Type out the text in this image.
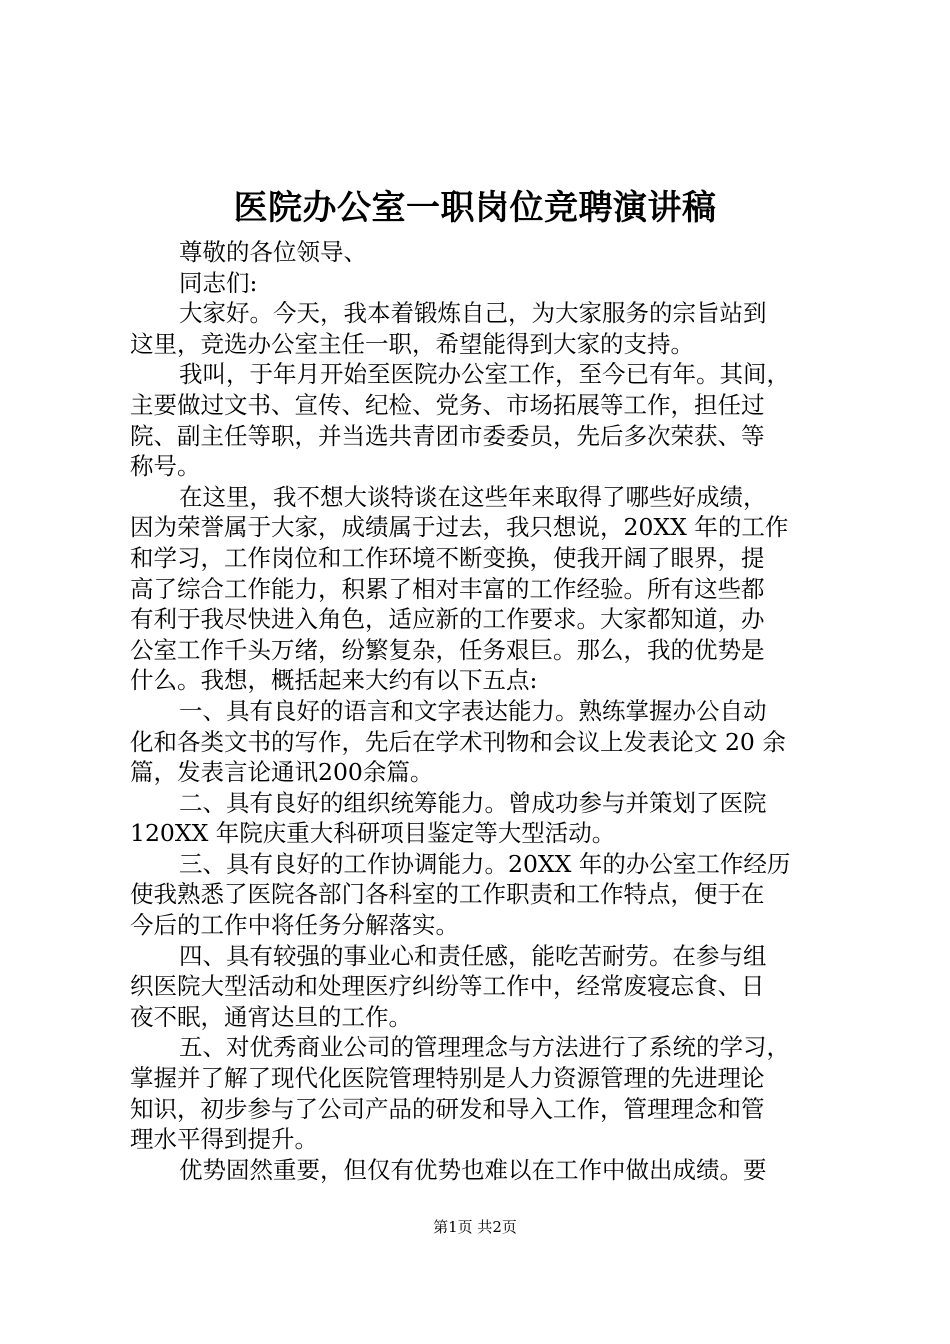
医院办公室一职岗位竞聘演讲稿
尊敬的各位领导、
同志们:
大家好。今天，我本着锻炼自己，为大家服务的宗旨站到
这里，竞选办公室主任一职，希望能得到大家的支持。
我叫，于年月开始至医院办公室工作，至今已有年。其间，
主要做过文书、宣传、纪检、党务、市场拓展等工作，担任过
院、副主任等职，并当选共青团市委委员，先后多次荣获、等
称号。
在这里，我不想大谈特谈在这些年来取得了哪些好成绩，
因为荣誉属于大家，成绩属于过去，我只想说，20XX 年的工作
和学习，工作岗位和工作环境不断变换，使我开阔了眼界，提
高了综合工作能力，积累了相对丰富的工作经验。所有这些都
有利于我尽快进入角色，适应新的工作要求。大家都知道，办
公室工作千头万绪，纷繁复杂，任务艰巨。那么，我的优势是
什么。我想，概括起来大约有以下五点:
一、具有良好的语言和文字表达能力。熟练掌握办公自动
化和各类文书的写作，先后在学术刊物和会议上发表论文 20 余
篇，发表言论通讯200余篇。
二、具有良好的组织统筹能力。曾成功参与并策划了医院
120XX 年院庆重大科研项目鉴定等大型活动。
三、具有良好的工作协调能力。20XX 年的办公室工作经历
使我熟悉了医院各部门各科室的工作职责和工作特点，便于在
今后的工作中将任务分解落实。
四、具有较强的事业心和责任感，能吃苦耐劳。在参与组
织医院大型活动和处理医疗纠纷等工作中，经常废寝忘食、日
夜不眠，通宵达旦的工作。
五、对优秀商业公司的管理理念与方法进行了系统的学习，
掌握并了解了现代化医院管理特别是人力资源管理的先进理论
知识，初步参与了公司产品的研发和导入工作，管理理念和管
理水平得到提升。
优势固然重要，但仅有优势也难以在工作中做出成绩。要
第1页 共2页
